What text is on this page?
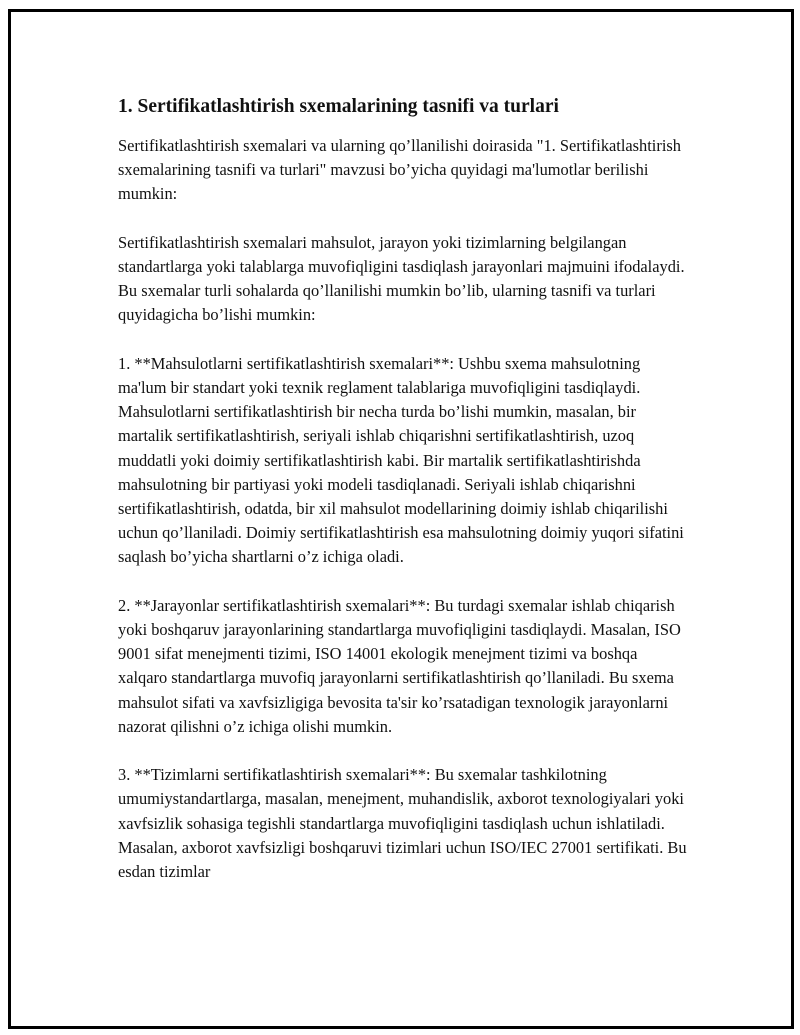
1. Sertifikatlashtirish sxemalarining tasnifi va turlari

Sertifikatlashtirish sxemalari va ularning qo’llanilishi doirasida "1. Sertifikatlashtirish sxemalarining tasnifi va turlari" mavzusi bo’yicha quyidagi ma'lumotlar berilishi mumkin:

Sertifikatlashtirish sxemalari mahsulot, jarayon yoki tizimlarning belgilangan standartlarga yoki talablarga muvofiqligini tasdiqlash jarayonlari majmuini ifodalaydi. Bu sxemalar turli sohalarda qo’llanilishi mumkin bo’lib, ularning tasnifi va turlari quyidagicha bo’lishi mumkin:

1. **Mahsulotlarni sertifikatlashtirish sxemalari**: Ushbu sxema mahsulotning ma'lum bir standart yoki texnik reglament talablariga muvofiqligini tasdiqlaydi. Mahsulotlarni sertifikatlashtirish bir necha turda bo’lishi mumkin, masalan, bir martalik sertifikatlashtirish, seriyali ishlab chiqarishni sertifikatlashtirish, uzoq muddatli yoki doimiy sertifikatlashtirish kabi. Bir martalik sertifikatlashtirishda mahsulotning bir partiyasi yoki modeli tasdiqlanadi. Seriyali ishlab chiqarishni sertifikatlashtirish, odatda, bir xil mahsulot modellarining doimiy ishlab chiqarilishi uchun qo’llaniladi. Doimiy sertifikatlashtirish esa mahsulotning doimiy yuqori sifatini saqlash bo’yicha shartlarni o’z ichiga oladi.

2. **Jarayonlar sertifikatlashtirish sxemalari**: Bu turdagi sxemalar ishlab chiqarish yoki boshqaruv jarayonlarining standartlarga muvofiqligini tasdiqlaydi. Masalan, ISO 9001 sifat menejmenti tizimi, ISO 14001 ekologik menejment tizimi va boshqa xalqaro standartlarga muvofiq jarayonlarni sertifikatlashtirish qo’llaniladi. Bu sxema mahsulot sifati va xavfsizligiga bevosita ta'sir ko’rsatadigan texnologik jarayonlarni nazorat qilishni o’z ichiga olishi mumkin.

3. **Tizimlarni sertifikatlashtirish sxemalari**: Bu sxemalar tashkilotning umumiystandartlarga, masalan, menejment, muhandislik, axborot texnologiyalari yoki xavfsizlik sohasiga tegishli standartlarga muvofiqligini tasdiqlash uchun ishlatiladi. Masalan, axborot xavfsizligi boshqaruvi tizimlari uchun ISO/IEC 27001 sertifikati. Bu esdan tizimlar
